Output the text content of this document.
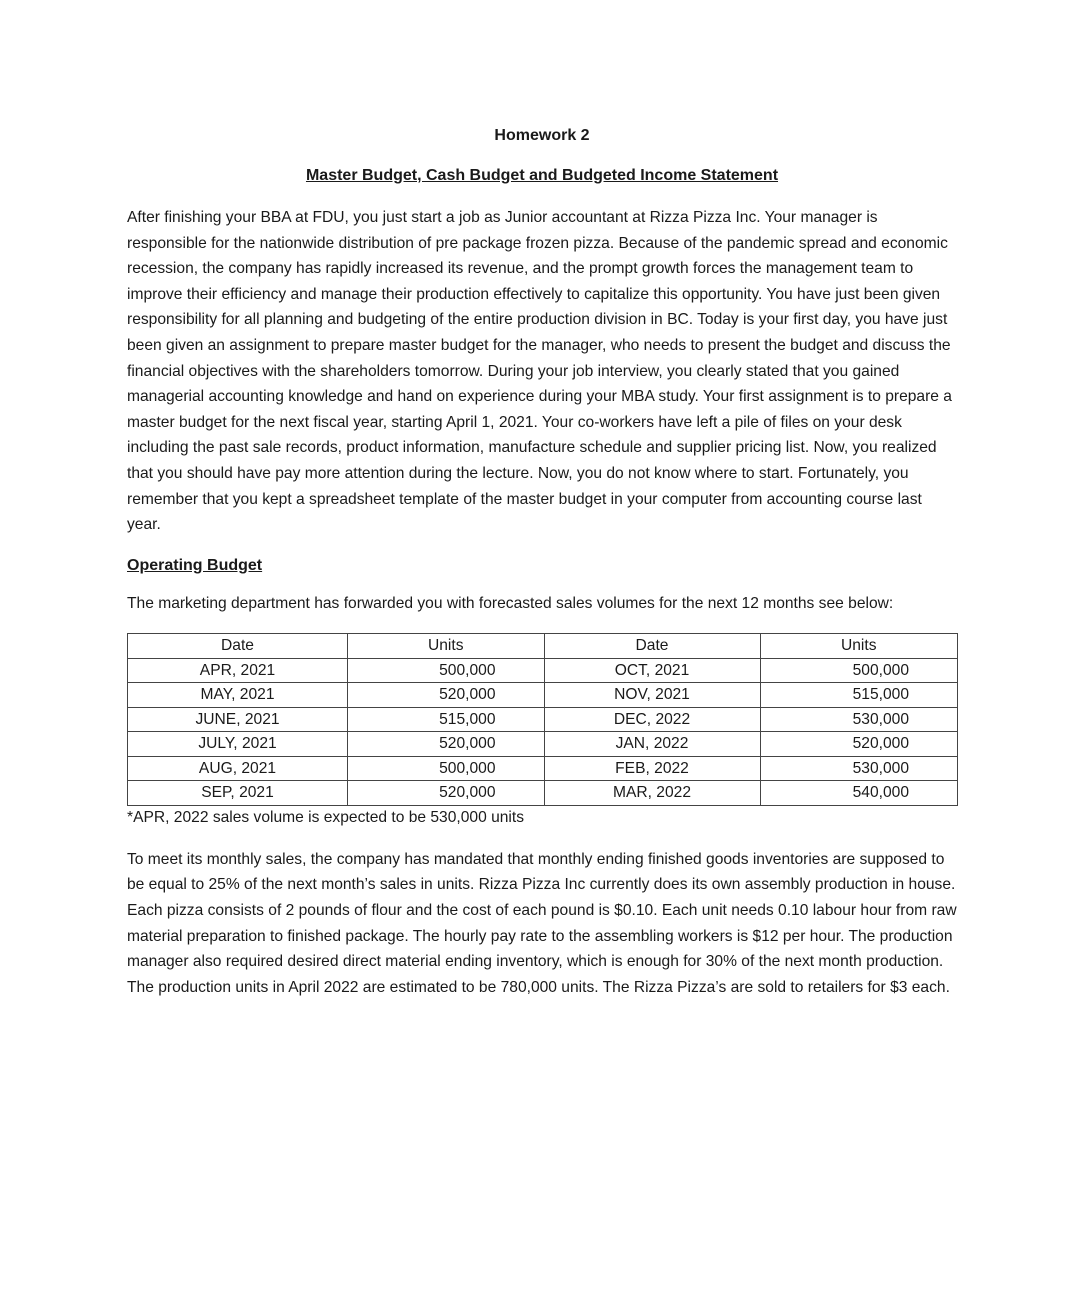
Homework 2
Master Budget, Cash Budget and Budgeted Income Statement

After finishing your BBA at FDU, you just start a job as Junior accountant at Rizza Pizza Inc. Your manager is responsible for the nationwide distribution of pre package frozen pizza. Because of the pandemic spread and economic recession, the company has rapidly increased its revenue, and the prompt growth forces the management team to improve their efficiency and manage their production effectively to capitalize this opportunity. You have just been given responsibility for all planning and budgeting of the entire production division in BC. Today is your first day, you have just been given an assignment to prepare master budget for the manager, who needs to present the budget and discuss the financial objectives with the shareholders tomorrow. During your job interview, you clearly stated that you gained managerial accounting knowledge and hand on experience during your MBA study. Your first assignment is to prepare a master budget for the next fiscal year, starting April 1, 2021. Your co-workers have left a pile of files on your desk including the past sale records, product information, manufacture schedule and supplier pricing list. Now, you realized that you should have pay more attention during the lecture. Now, you do not know where to start. Fortunately, you remember that you kept a spreadsheet template of the master budget in your computer from accounting course last year.

Operating Budget

The marketing department has forwarded you with forecasted sales volumes for the next 12 months see below:

Date	Units	Date	Units
APR, 2021	500,000	OCT, 2021	500,000
MAY, 2021	520,000	NOV, 2021	515,000
JUNE, 2021	515,000	DEC, 2022	530,000
JULY, 2021	520,000	JAN, 2022	520,000
AUG, 2021	500,000	FEB, 2022	530,000
SEP, 2021	520,000	MAR, 2022	540,000
*APR, 2022 sales volume is expected to be 530,000 units

To meet its monthly sales, the company has mandated that monthly ending finished goods inventories are supposed to be equal to 25% of the next month’s sales in units. Rizza Pizza Inc currently does its own assembly production in house. Each pizza consists of 2 pounds of flour and the cost of each pound is $0.10. Each unit needs 0.10 labour hour from raw material preparation to finished package. The hourly pay rate to the assembling workers is $12 per hour. The production manager also required desired direct material ending inventory, which is enough for 30% of the next month production. The production units in April 2022 are estimated to be 780,000 units. The Rizza Pizza’s are sold to retailers for $3 each.
